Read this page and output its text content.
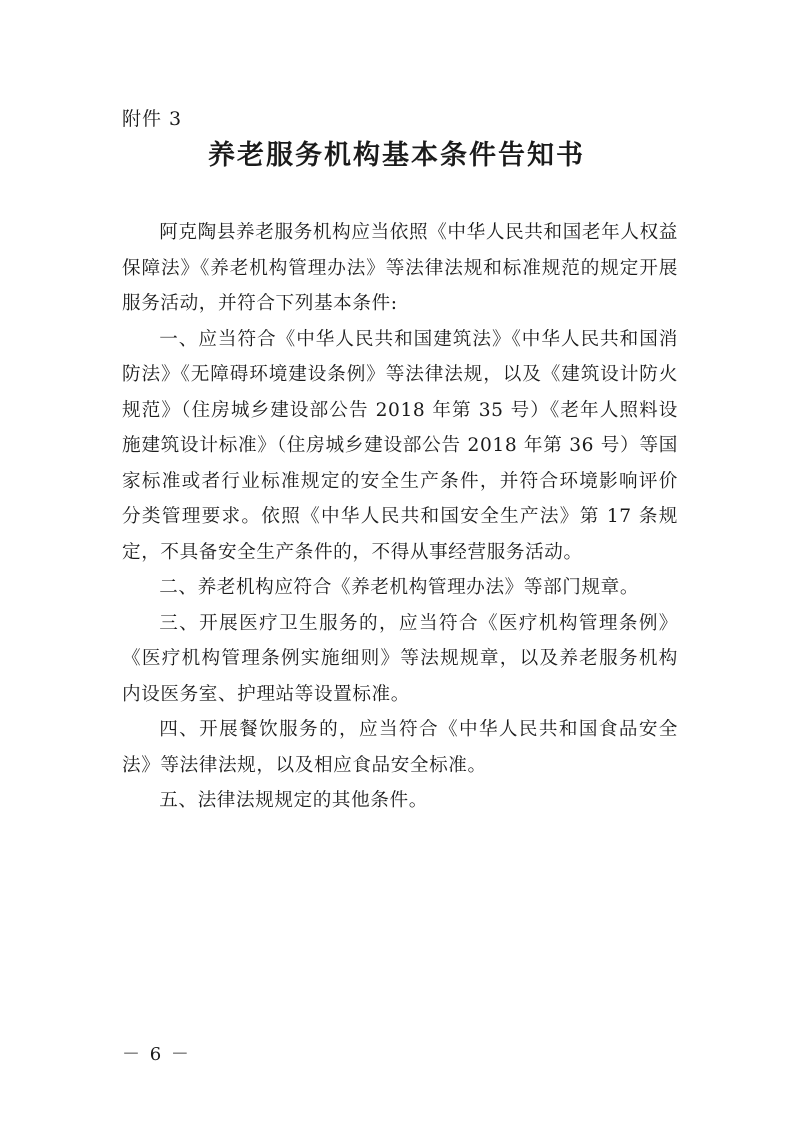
附件 3
养老服务机构基本条件告知书

阿克陶县养老服务机构应当依照《中华人民共和国老年人权益保障法》《养老机构管理办法》等法律法规和标准规范的规定开展服务活动，并符合下列基本条件:

一、应当符合《中华人民共和国建筑法》《中华人民共和国消防法》《无障碍环境建设条例》等法律法规，以及《建筑设计防火规范》（住房城乡建设部公告 2018 年第 35 号）《老年人照料设施建筑设计标准》（住房城乡建设部公告 2018 年第 36 号）等国家标准或者行业标准规定的安全生产条件，并符合环境影响评价分类管理要求。依照《中华人民共和国安全生产法》第 17 条规定，不具备安全生产条件的，不得从事经营服务活动。

二、养老机构应符合《养老机构管理办法》等部门规章。

三、开展医疗卫生服务的，应当符合《医疗机构管理条例》《医疗机构管理条例实施细则》等法规规章，以及养老服务机构内设医务室、护理站等设置标准。

四、开展餐饮服务的，应当符合《中华人民共和国食品安全法》等法律法规，以及相应食品安全标准。

五、法律法规规定的其他条件。

－ 6 －
